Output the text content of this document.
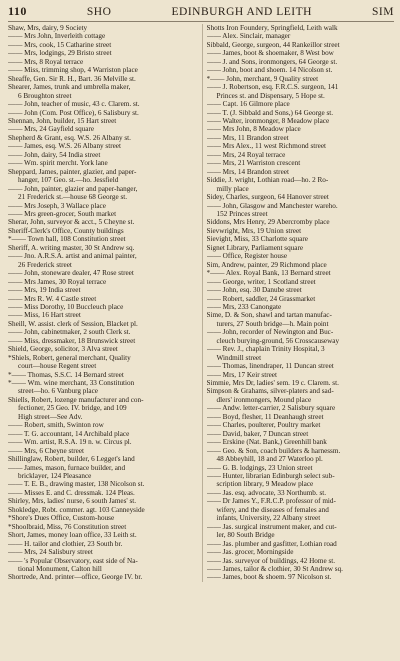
110	SHO	EDINBURGH AND LEITH	SIM
Shaw, Mrs, dairy, 9 Society
—— Mrs John, Inverleith cottage
—— Mrs, cook, 15 Catharine street
—— Mrs, lodgings, 29 Bristo street
—— Mrs, 8 Royal terrace
—— Miss, trimming shop, 4 Warriston place
Sheaffe, Gen. Sir R. H., Bart. 36 Melville st.
Shearer, James, trunk and umbrella maker,
6 Broughton street
—— John, teacher of music, 43 c. Clarem. st.
—— John (Com. Post Office), 6 Salisbury st.
Shennan, John, builder, 15 Hart street
—— Mrs, 24 Gayfield square
Shepherd & Grant, esq. W.S. 26 Albany st.
—— James, esq. W.S. 26 Albany street
—— John, dairy, 54 India street
—— Wm. spirit mercht. York lane
Sheppard, James, painter, glazier, and paper-
hanger, 107 Geo. st.—ho. Jessfield
—— John, painter, glazier and paper-hanger,
21 Frederick st.—house 68 George st.
—— Mrs Joseph, 3 Wallace place
—— Mrs green-grocer, South market
Sherar, John, surveyor & acct., 5 Cheyne st.
Sheriff-Clerk's Office, County buildings
*—— Town hall, 108 Constitution street
Sheriff, A. writing master, 30 St Andrew sq.
—— Jno. A.R.S.A. artist and animal painter,
26 Frederick street
—— John, stoneware dealer, 47 Rose street
—— Mrs James, 30 Royal terrace
—— Mrs, 19 India street
—— Mrs R. W. 4 Castle street
—— Miss Dorothy, 10 Buccleuch place
—— Miss, 16 Hart street
Sheill, W. assist. clerk of Session, Blacket pl.
—— John, cabinetmaker, 2 south Clerk st.
—— Miss, dressmaker, 18 Brunswick street
Shield, George, solicitor, 3 Alva street
*Shiels, Robert, general merchant, Quality
court—house Regent street
*—— Thomas, S.S.C. 14 Bernard street
*—— Wm. wine merchant, 33 Constitution
street—ho. 6 Vanburg place
Shiells, Robert, lozenge manufacturer and con-
fectioner, 25 Geo. IV. bridge, and 109
High street—See Adv.
—— Robert, smith, Swinton row
—— T. G. accountant, 14 Archibald place
—— Wm. artist, R.S.A. 19 n. w. Circus pl.
—— Mrs, 6 Cheyne street
Shillinglaw, Robert, builder, 6 Legget's land
—— James, mason, furnace builder, and
bricklayer, 124 Pleasance
—— T. E. B., drawing master, 138 Nicolson st.
—— Misses E. and C. dressmak. 124 Pleas.
Shirley, Mrs, ladies' nurse, 6 south James' st.
Shokledge, Robt. commer. agt. 103 Canneyside
*Shore's Dues Office, Custom-house
*Shoolbraid, Miss, 76 Constitution street
Short, James, money loan office, 33 Leith st.
—— H. tailor and clothier, 23 South br.
—— Mrs, 24 Salisbury street
—— 's Popular Observatory, east side of Na-
tional Monument, Calton hill
Shortrede, And. printer—office, George IV. br.
Shotts Iron Foundery, Springfield, Leith walk
—— Alex. Sinclair, manager
Sibbald, George, surgeon, 44 Rankeillor street
—— James, boot & shoemaker, 8 West bow
—— J. and Sons, ironmongers, 64 George st.
—— John, boot and shoem. 14 Nicolson st.
*—— John, merchant, 9 Quality street
—— J. Robertson, esq. F.R.C.S. surgeon, 141
Princes st. and Dispensary, 5 Hope st.
—— Capt. 16 Gilmore place
—— T. (J. Sibbald and Sons,) 64 George st.
—— Walter, ironmonger, 8 Meadow place
—— Mrs John, 8 Meadow place
—— Mrs, 11 Brandon street
—— Mrs Alex., 11 west Richmond street
—— Mrs, 24 Royal terrace
—— Mrs, 21 Warriston crescent
—— Mrs, 14 Brandon street
Siddie, J. wright, Lothian road—ho. 2 Ro-
milly place
Sidey, Charles, surgeon, 64 Hanover street
—— John, Glasgow and Manchester wareho.
152 Princes street
Siddons, Mrs Henry, 29 Abercromby place
Sievwright, Mrs, 19 Union street
Sievight, Miss, 33 Charlotte square
Signet Library, Parliament square
—— Office, Register house
Sim, Andrew, painter, 29 Richmond place
*—— Alex. Royal Bank, 13 Bernard street
—— George, writer, 1 Scotland street
—— John, esq. 30 Danube street
—— Robert, saddler, 24 Grassmarket
—— Mrs, 233 Canongate
Sime, D. & Son, shawl and tartan manufac-
turers, 27 South bridge—h. Main point
—— John, recorder of Newington and Buc-
cleuch burying-ground, 56 Crosscauseway
—— Rev. J., chaplain Trinity Hospital, 3
Windmill street
—— Thomas, linendraper, 11 Duncan street
—— Mrs, 17 Keir street
Simmie, Mrs Dr, ladies' sem. 19 c. Clarem. st.
Simpson & Grahams, silver-platers and sad-
dlers' ironmongers, Mound place
—— Andw. letter-carrier, 2 Salisbury square
—— Boyd, flesher, 11 Deanhaugh street
—— Charles, poulterer, Poultry market
—— David, baker, 7 Duncan street
—— Erskine (Nat. Bank,) Greenhill bank
—— Geo. & Son, coach builders & harnessm.
48 Abbeyhill, 18 and 27 Waterloo pl.
—— G. B. lodgings, 23 Union street
—— Hunter, librarian Edinburgh select sub-
scription library, 9 Meadow place
—— Jas. esq. advocate, 33 Northumb. st.
—— Dr James Y., F.R.C.P. professor of mid-
wifery, and the diseases of females and
infants, University, 22 Albany street
—— Jas. surgical instrument maker, and cut-
ler, 80 South Bridge
—— Jas. plumber and gasfitter, Lothian road
—— Jas. grocer, Morningside
—— Jas. surveyor of buildings, 42 Home st.
—— James, tailor & clothier, 30 St Andrew sq.
—— James, boot & shoem. 97 Nicolson st.
